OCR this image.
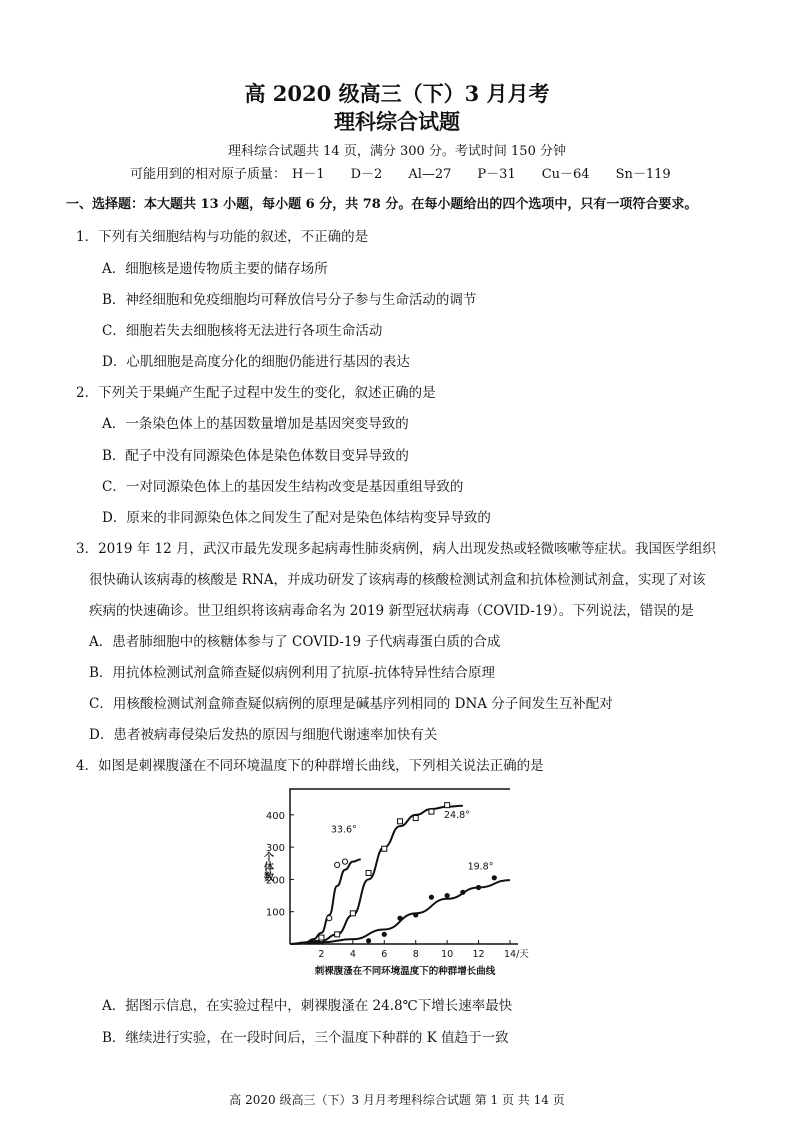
高 2020 级高三（下）3 月月考
理科综合试题
理科综合试题共 14 页，满分 300 分。考试时间 150 分钟
可能用到的相对原子质量： H－1 D－2 Al—27 P－31 Cu－64 Sn－119
一、选择题：本大题共 13 小题，每小题 6 分，共 78 分。在每小题给出的四个选项中，只有一项符合要求。
1．下列有关细胞结构与功能的叙述，不正确的是
A．细胞核是遗传物质主要的储存场所
B．神经细胞和免疫细胞均可释放信号分子参与生命活动的调节
C．细胞若失去细胞核将无法进行各项生命活动
D．心肌细胞是高度分化的细胞仍能进行基因的表达
2．下列关于果蝇产生配子过程中发生的变化，叙述正确的是
A．一条染色体上的基因数量增加是基因突变导致的
B．配子中没有同源染色体是染色体数目变异导致的
C．一对同源染色体上的基因发生结构改变是基因重组导致的
D．原来的非同源染色体之间发生了配对是染色体结构变异导致的
3．2019 年 12 月，武汉市最先发现多起病毒性肺炎病例，病人出现发热或轻微咳嗽等症状。我国医学组织
很快确认该病毒的核酸是 RNA，并成功研发了该病毒的核酸检测试剂盒和抗体检测试剂盒，实现了对该
疾病的快速确诊。世卫组织将该病毒命名为 2019 新型冠状病毒（COVID-19）。下列说法，错误的是
A．患者肺细胞中的核糖体参与了 COVID-19 子代病毒蛋白质的合成
B．用抗体检测试剂盒筛查疑似病例利用了抗原-抗体特异性结合原理
C．用核酸检测试剂盒筛查疑似病例的原理是碱基序列相同的 DNA 分子间发生互补配对
D．患者被病毒侵染后发热的原因与细胞代谢速率加快有关
4．如图是刺裸腹溞在不同环境温度下的种群增长曲线，下列相关说法正确的是
100
200
300
400
2	4	6	8 10 12 14/天
个体数
33.6°
24.8°
19.8°
刺裸腹溞在不同环境温度下的种群增长曲线
A．据图示信息，在实验过程中，刺裸腹溞在 24.8℃下增长速率最快
B．继续进行实验，在一段时间后，三个温度下种群的 K 值趋于一致
高 2020 级高三（下）3 月月考理科综合试题 第 1 页 共 14 页
